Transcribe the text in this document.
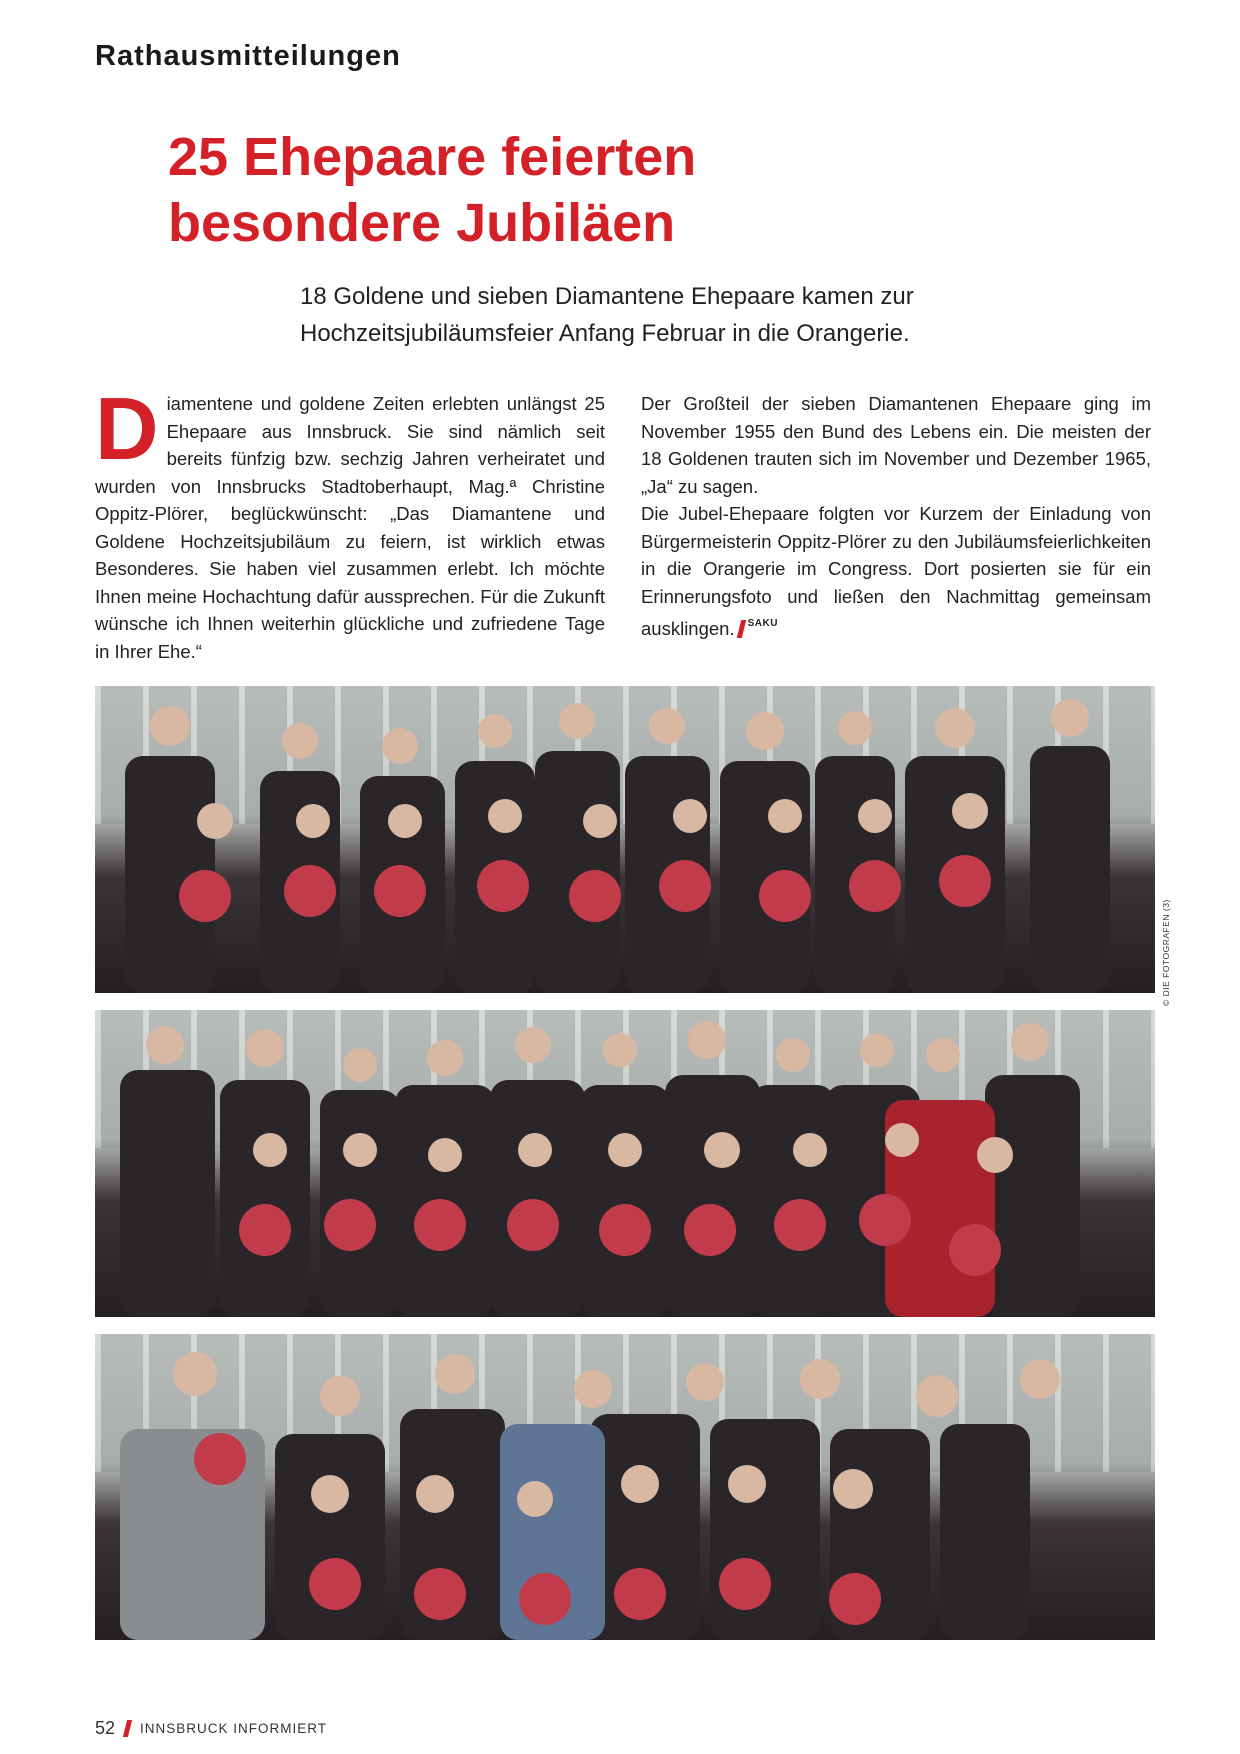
Rathausmitteilungen
25 Ehepaare feierten
besondere Jubiläen

18 Goldene und sieben Diamantene Ehepaare kamen zur
Hochzeitsjubiläumsfeier Anfang Februar in die Orangerie.

Diamentene und goldene Zeiten erlebten unlängst 25 Ehepaare aus Innsbruck. Sie sind nämlich seit bereits fünfzig bzw. sechzig Jahren verheiratet und wurden von Innsbrucks Stadtoberhaupt, Mag.ª Christine Oppitz-Plörer, beglückwünscht: „Das Diamantene und Goldene Hochzeitsjubiläum zu feiern, ist wirklich etwas Besonderes. Sie haben viel zusammen erlebt. Ich möchte Ihnen meine Hochachtung dafür aussprechen. Für die Zukunft wünsche ich Ihnen weiterhin glückliche und zufriedene Tage in Ihrer Ehe.“

Der Großteil der sieben Diamantenen Ehepaare ging im November 1955 den Bund des Lebens ein. Die meisten der 18 Goldenen trauten sich im November und Dezember 1965, „Ja“ zu sagen.

Die Jubel-Ehepaare folgten vor Kurzem der Einladung von Bürgermeisterin Oppitz-Plörer zu den Jubiläumsfeierlichkeiten in die Orangerie im Congress. Dort posierten sie für ein Erinnerungsfoto und ließen den Nachmittag gemeinsam ausklingen. $^{SAKU}$

© DIE FOTOGRAFEN (3)
52 INNSBRUCK INFORMIERT
